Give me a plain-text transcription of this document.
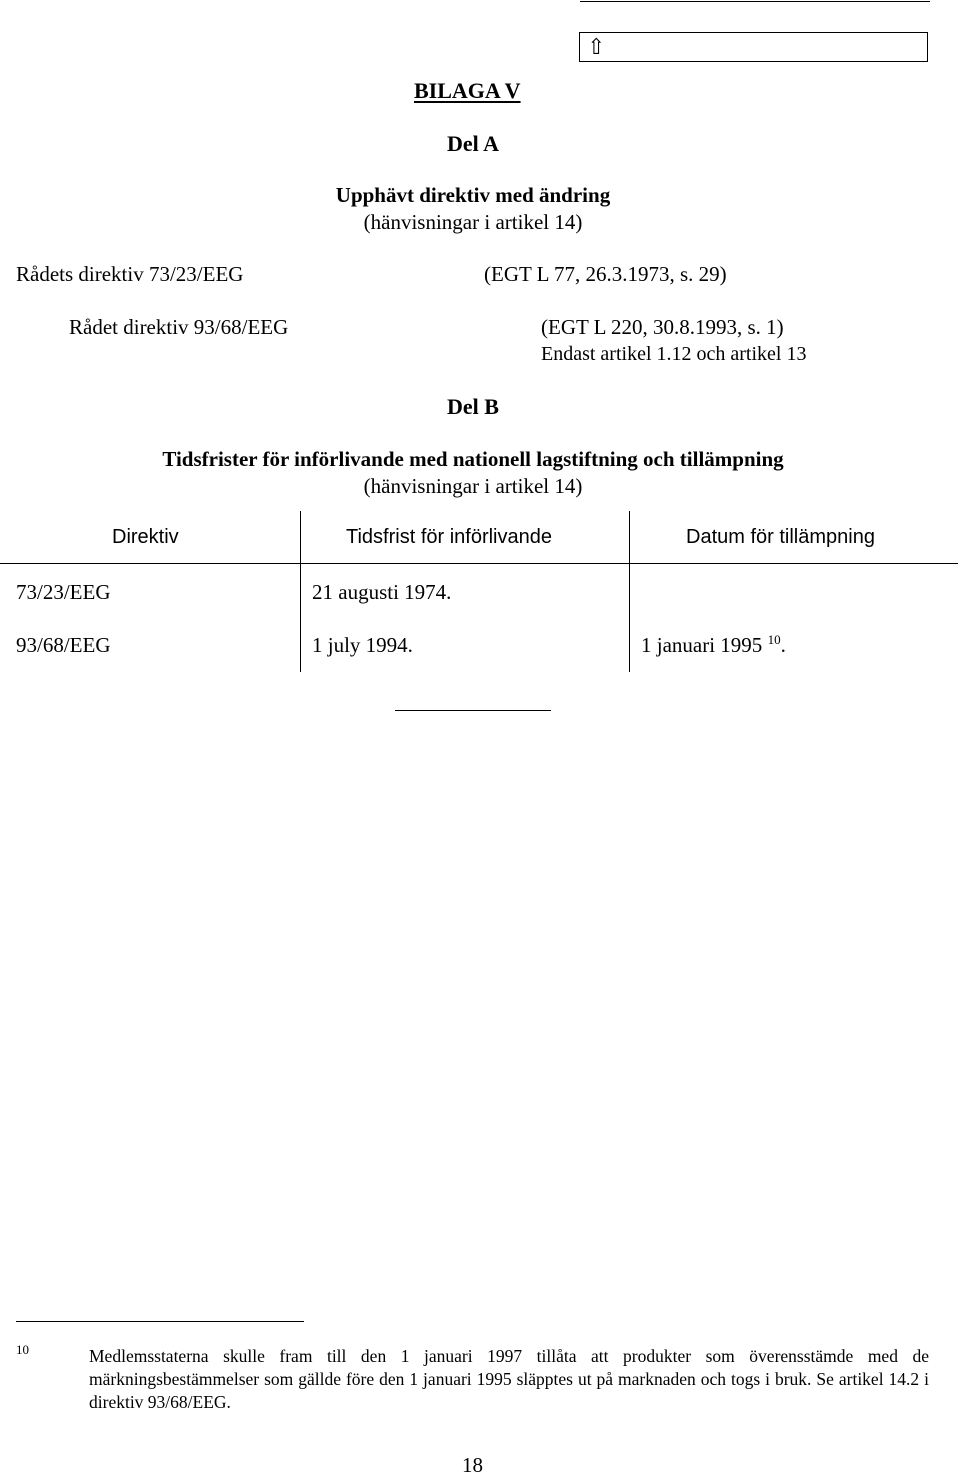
⇧
BILAGA V
Del A
Upphävt direktiv med ändring
(hänvisningar i artikel 14)
Rådets direktiv 73/23/EEG	(EGT L 77, 26.3.1973, s. 29)
Rådet direktiv 93/68/EEG	(EGT L 220, 30.8.1993, s. 1)
Endast artikel 1.12 och artikel 13
Del B
Tidsfrister för införlivande med nationell lagstiftning och tillämpning
(hänvisningar i artikel 14)
Direktiv	Tidsfrist för införlivande	Datum för tillämpning
73/23/EEG	21 augusti 1974.
93/68/EEG	1 july 1994.	1 januari 1995 $^{10}$.
10	Medlemsstaterna skulle fram till den 1 januari 1997 tillåta att produkter som överensstämde med de märkningsbestämmelser som gällde före den 1 januari 1995 släpptes ut på marknaden och togs i bruk. Se artikel 14.2 i direktiv 93/68/EEG.
18
